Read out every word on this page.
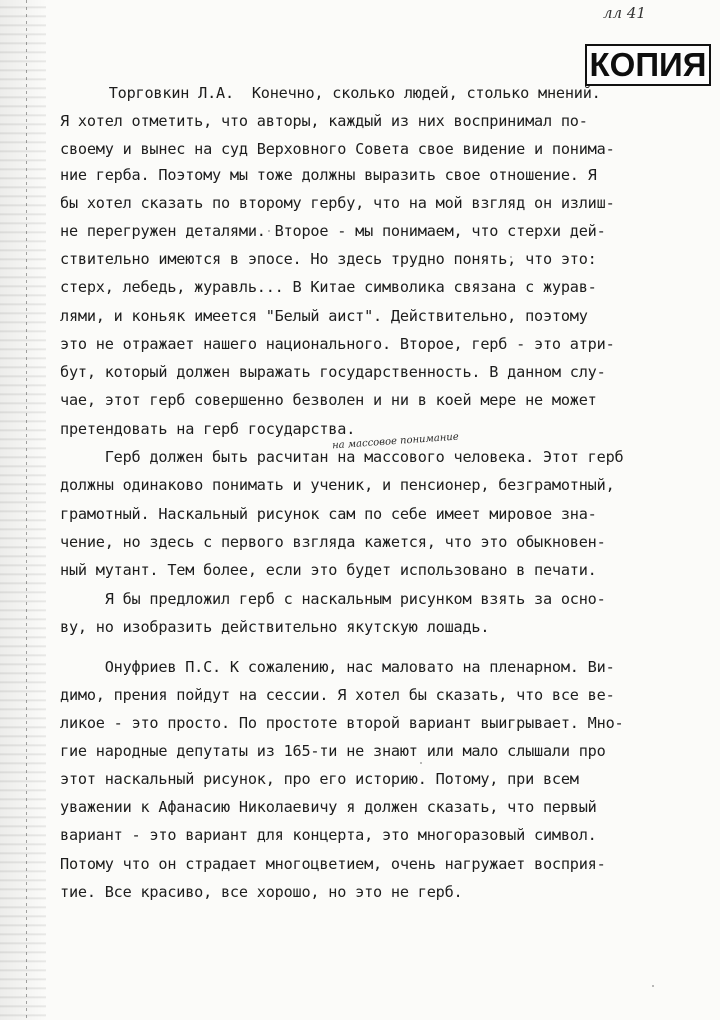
лл 41
КОПИЯ
на массовое понимание
Торговкин Л.А.  Конечно, сколько людей, столько мнений.
Я хотел отметить, что авторы, каждый из них воспринимал по-
своему и вынес на суд Верховного Совета свое видение и понима-
ние герба. Поэтому мы тоже должны выразить свое отношение. Я
бы хотел сказать по второму гербу, что на мой взгляд он излиш-
не перегружен деталями. Второе - мы понимаем, что стерхи дей-
ствительно имеются в эпосе. Но здесь трудно понять, что это:
стерх, лебедь, журавль... В Китае символика связана с журав-
лями, и коньяк имеется "Белый аист". Действительно, поэтому
это не отражает нашего национального. Второе, герб - это атри-
бут, который должен выражать государственность. В данном слу-
чае, этот герб совершенно безволен и ни в коей мере не может
претендовать на герб государства.
Герб должен быть расчитан на массового человека. Этот герб
должны одинаково понимать и ученик, и пенсионер, безграмотный,
грамотный. Наскальный рисунок сам по себе имеет мировое зна-
чение, но здесь с первого взгляда кажется, что это обыкновен-
ный мутант. Тем более, если это будет использовано в печати.
Я бы предложил герб с наскальным рисунком взять за осно-
ву, но изобразить действительно якутскую лошадь.
Онуфриев П.С. К сожалению, нас маловато на пленарном. Ви-
димо, прения пойдут на сессии. Я хотел бы сказать, что все ве-
ликое - это просто. По простоте второй вариант выигрывает. Мно-
гие народные депутаты из 165-ти не знают или мало слышали про
этот наскальный рисунок, про его историю. Потому, при всем
уважении к Афанасию Николаевичу я должен сказать, что первый
вариант - это вариант для концерта, это многоразовый символ.
Потому что он страдает многоцветием, очень нагружает восприя-
тие. Все красиво, все хорошо, но это не герб.
